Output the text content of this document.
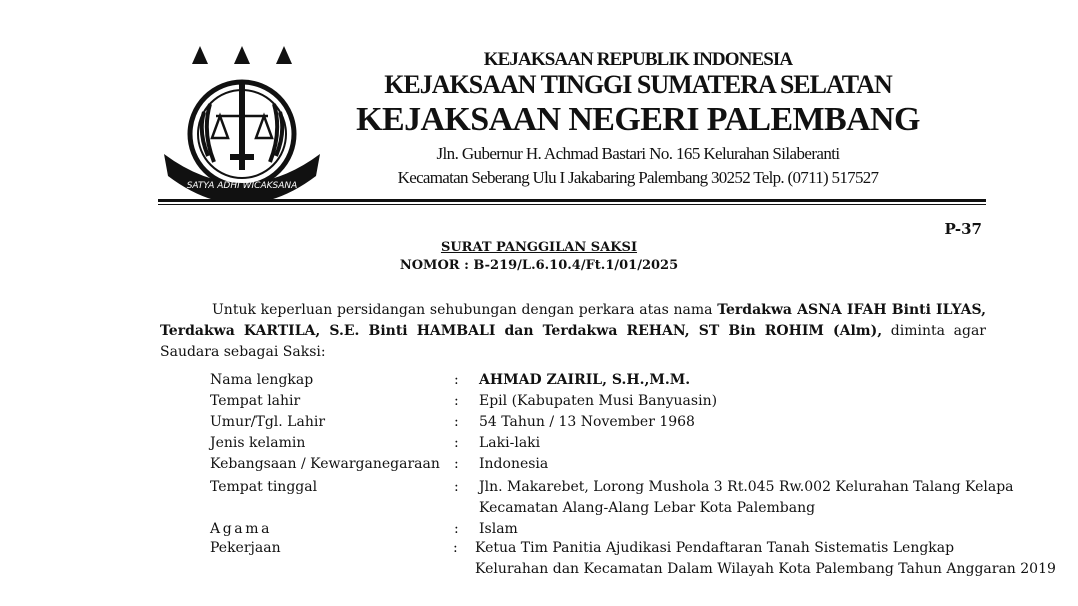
SATYA ADHI WICAKSANA
KEJAKSAAN REPUBLIK INDONESIA
KEJAKSAAN TINGGI SUMATERA SELATAN
KEJAKSAAN NEGERI PALEMBANG
Jln. Gubernur H. Achmad Bastari No. 165 Kelurahan Silaberanti
Kecamatan Seberang Ulu I Jakabaring Palembang 30252 Telp. (0711) 517527
P-37
SURAT PANGGILAN SAKSI
NOMOR : B-219/L.6.10.4/Ft.1/01/2025
Untuk keperluan persidangan sehubungan dengan perkara atas nama Terdakwa ASNA IFAH Binti ILYAS, Terdakwa KARTILA, S.E. Binti HAMBALI dan Terdakwa REHAN, ST Bin ROHIM (Alm), diminta agar Saudara sebagai Saksi:
Nama lengkap	: AHMAD ZAIRIL, S.H.,M.M.
Tempat lahir	: Epil (Kabupaten Musi Banyuasin)
Umur/Tgl. Lahir	: 54 Tahun / 13 November 1968
Jenis kelamin	: Laki-laki
Kebangsaan / Kewarganegaraan : Indonesia
Tempat tinggal	: Jln. Makarebet, Lorong Mushola 3 Rt.045 Rw.002 Kelurahan Talang Kelapa
Kecamatan Alang-Alang Lebar Kota Palembang
Agama	: Islam
Pekerjaan	: Ketua Tim Panitia Ajudikasi Pendaftaran Tanah Sistematis Lengkap
Kelurahan dan Kecamatan Dalam Wilayah Kota Palembang Tahun Anggaran 2019
